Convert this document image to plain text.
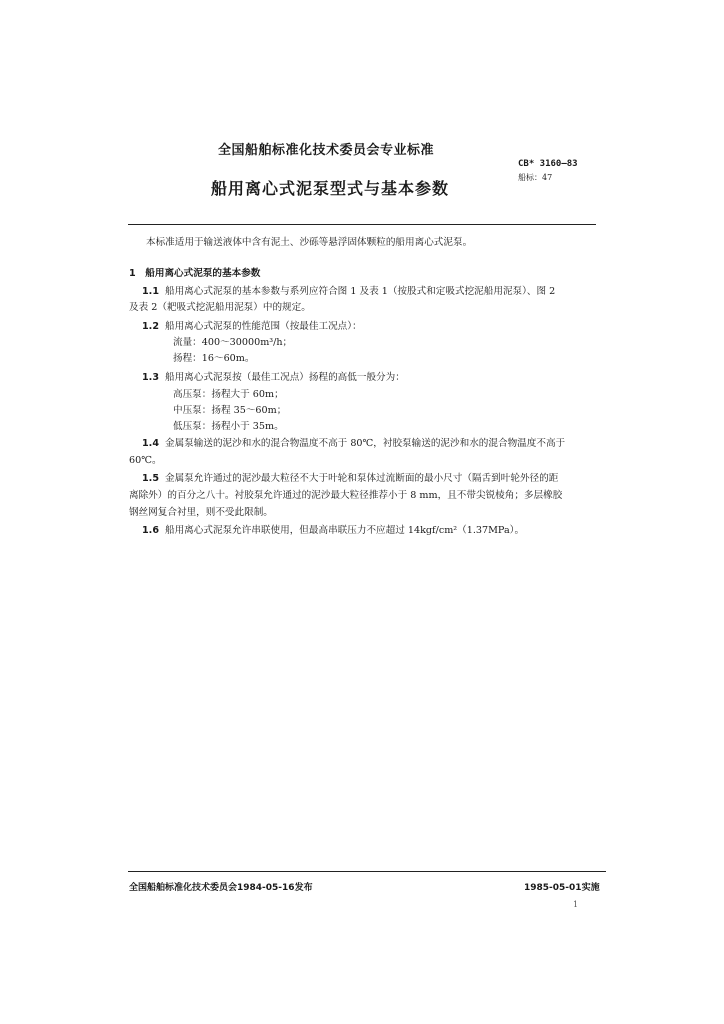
全国船舶标准化技术委员会专业标准
船用离心式泥泵型式与基本参数
CB* 3160—83
船标：47
本标准适用于输送液体中含有泥土、沙砾等悬浮固体颗粒的船用离心式泥泵。
1　船用离心式泥泵的基本参数
1.1 船用离心式泥泵的基本参数与系列应符合图 1 及表 1（按股式和定吸式挖泥船用泥泵）、图 2
及表 2（耙吸式挖泥船用泥泵）中的规定。
1.2 船用离心式泥泵的性能范围（按最佳工况点）：
流量：400～30000m³/h；
扬程：16～60m。
1.3 船用离心式泥泵按（最佳工况点）扬程的高低一般分为：
高压泵：扬程大于 60m；
中压泵：扬程 35～60m；
低压泵：扬程小于 35m。
1.4 金属泵输送的泥沙和水的混合物温度不高于 80℃，衬胶泵输送的泥沙和水的混合物温度不高于
60℃。
1.5 金属泵允许通过的泥沙最大粒径不大于叶轮和泵体过流断面的最小尺寸（隔舌到叶轮外径的距
离除外）的百分之八十。衬胶泵允许通过的泥沙最大粒径推荐小于 8 mm，且不带尖锐棱角；多层橡胶
钢丝网复合衬里，则不受此限制。
1.6 船用离心式泥泵允许串联使用，但最高串联压力不应超过 14kgf/cm²（1.37MPa）。
全国船舶标准化技术委员会1984-05-16发布	1985-05-01实施
1
